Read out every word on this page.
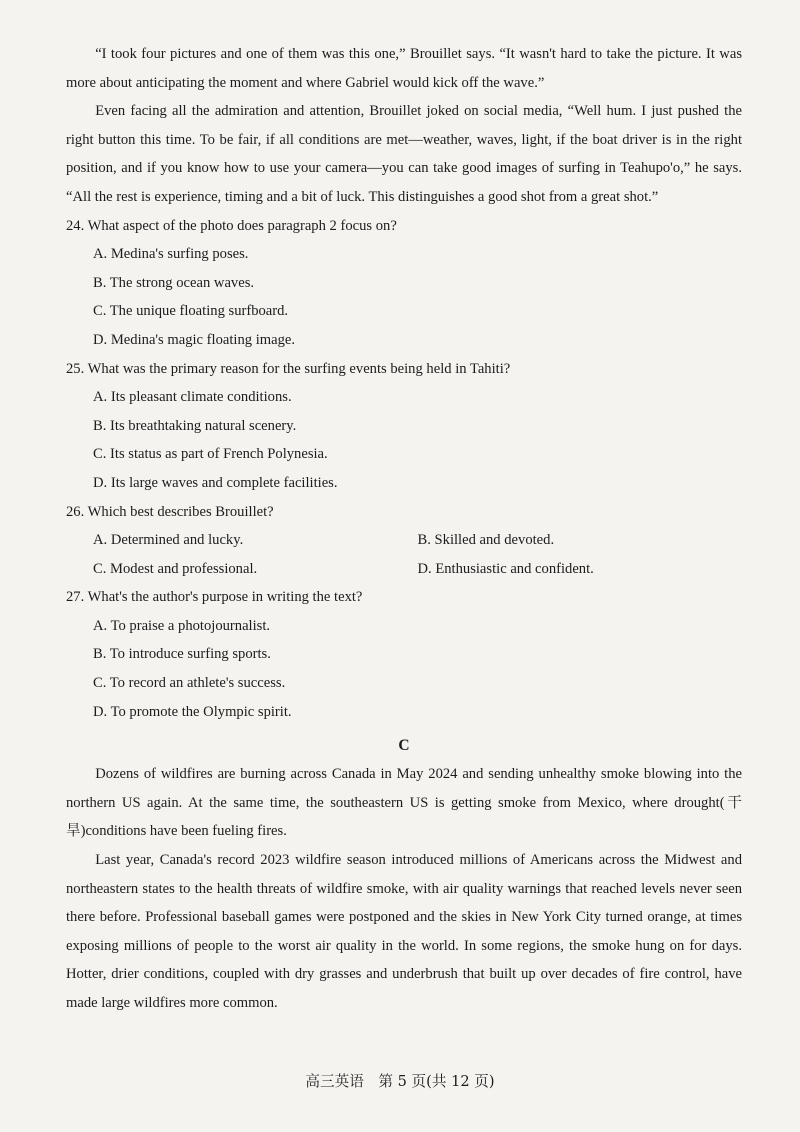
“I took four pictures and one of them was this one,” Brouillet says. “It wasn't hard to take the picture. It was more about anticipating the moment and where Gabriel would kick off the wave.”

Even facing all the admiration and attention, Brouillet joked on social media, “Well hum. I just pushed the right button this time. To be fair, if all conditions are met—weather, waves, light, if the boat driver is in the right position, and if you know how to use your camera—you can take good images of surfing in Teahupo'o,” he says. “All the rest is experience, timing and a bit of luck. This distinguishes a good shot from a great shot.”

24. What aspect of the photo does paragraph 2 focus on?

A. Medina's surfing poses.

B. The strong ocean waves.

C. The unique floating surfboard.

D. Medina's magic floating image.

25. What was the primary reason for the surfing events being held in Tahiti?

A. Its pleasant climate conditions.

B. Its breathtaking natural scenery.

C. Its status as part of French Polynesia.

D. Its large waves and complete facilities.

26. Which best describes Brouillet?

A. Determined and lucky.	B. Skilled and devoted.
C. Modest and professional.	D. Enthusiastic and confident.

27. What's the author's purpose in writing the text?

A. To praise a photojournalist.

B. To introduce surfing sports.

C. To record an athlete's success.

D. To promote the Olympic spirit.

C

Dozens of wildfires are burning across Canada in May 2024 and sending unhealthy smoke blowing into the northern US again. At the same time, the southeastern US is getting smoke from Mexico, where drought(干旱)conditions have been fueling fires.

Last year, Canada's record 2023 wildfire season introduced millions of Americans across the Midwest and northeastern states to the health threats of wildfire smoke, with air quality warnings that reached levels never seen there before. Professional baseball games were postponed and the skies in New York City turned orange, at times exposing millions of people to the worst air quality in the world. In some regions, the smoke hung on for days. Hotter, drier conditions, coupled with dry grasses and underbrush that built up over decades of fire control, have made large wildfires more common.

高三英语　第 5 页(共 12 页)
